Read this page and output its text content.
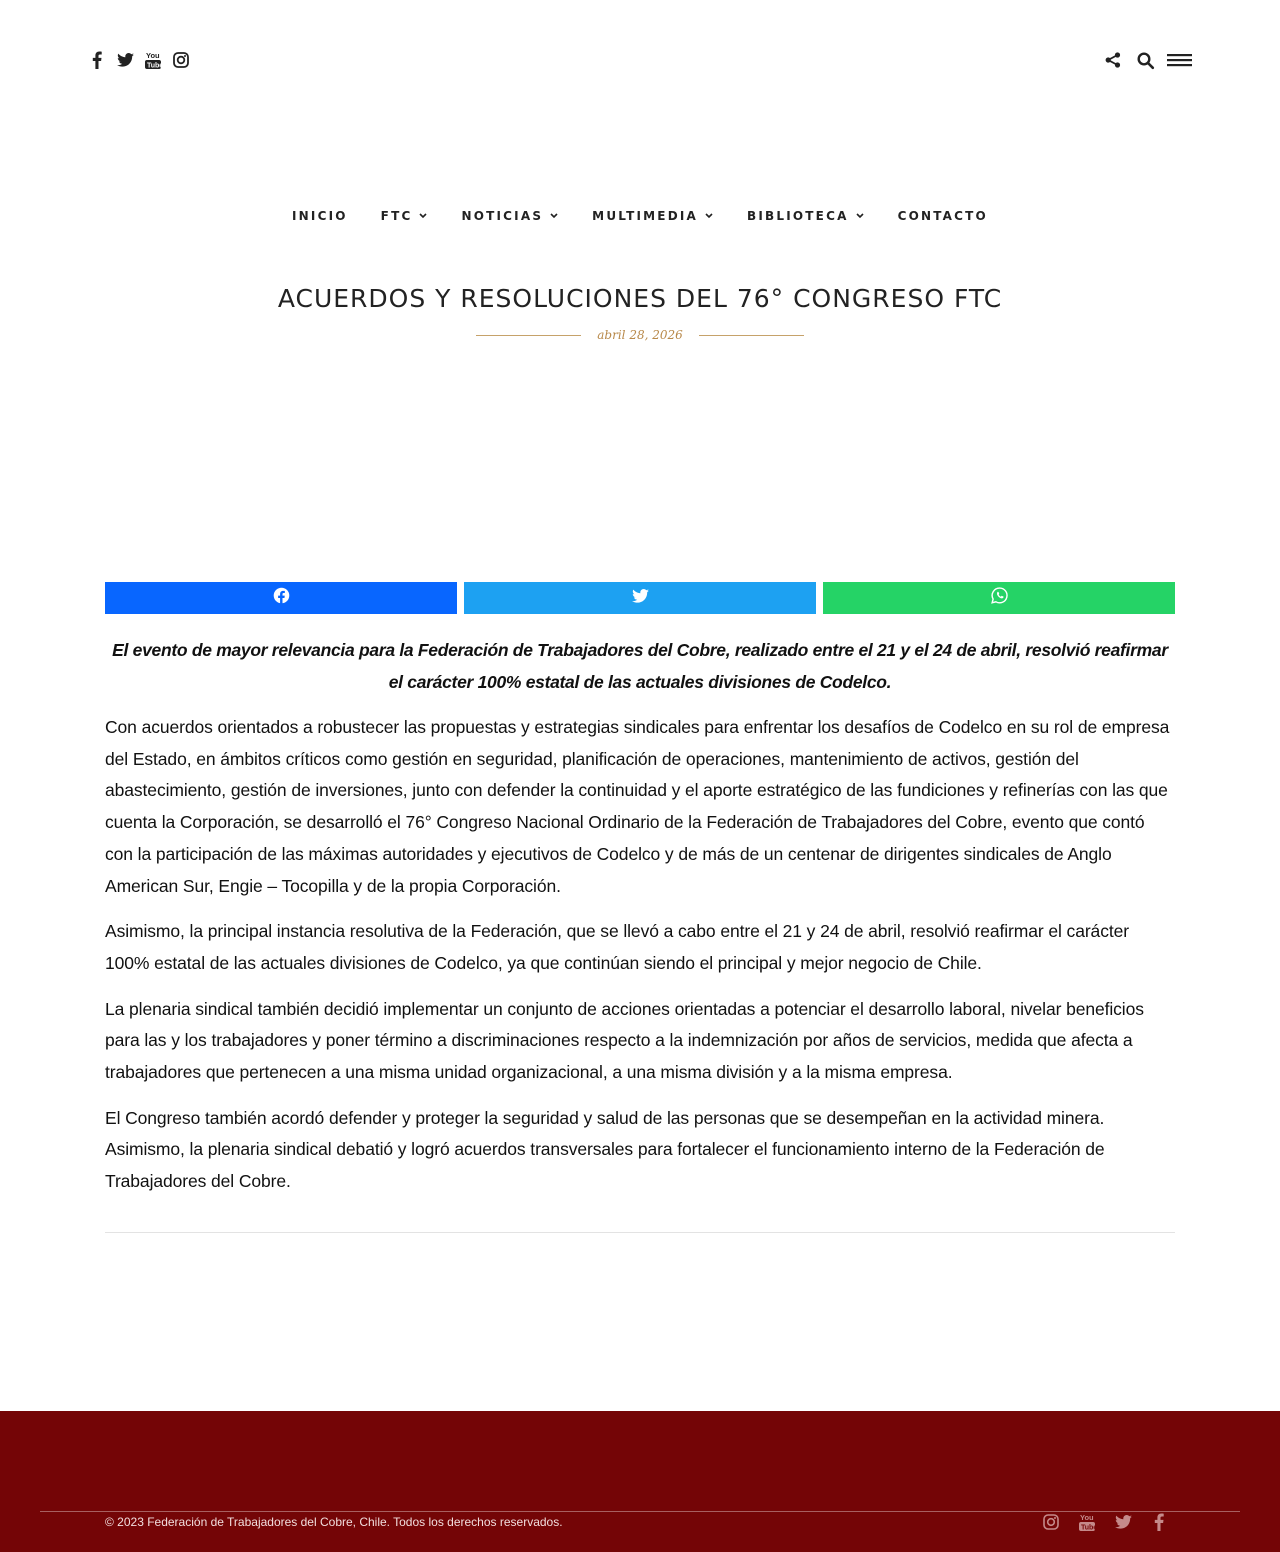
You
Tube
INICIO	FTC	NOTICIAS	MULTIMEDIA	BIBLIOTECA	CONTACTO
ACUERDOS Y RESOLUCIONES DEL 76° CONGRESO FTC
abril 28, 2026

El evento de mayor relevancia para la Federación de Trabajadores del Cobre, realizado entre el 21 y el 24 de abril, resolvió reafirmar el carácter 100% estatal de las actuales divisiones de Codelco.

Con acuerdos orientados a robustecer las propuestas y estrategias sindicales para enfrentar los desafíos de Codelco en su rol de empresa del Estado, en ámbitos críticos como gestión en seguridad, planificación de operaciones, mantenimiento de activos, gestión del abastecimiento, gestión de inversiones, junto con defender la continuidad y el aporte estratégico de las fundiciones y refinerías con las que cuenta la Corporación, se desarrolló el 76° Congreso Nacional Ordinario de la Federación de Trabajadores del Cobre, evento que contó con la participación de las máximas autoridades y ejecutivos de Codelco y de más de un centenar de dirigentes sindicales de Anglo American Sur, Engie – Tocopilla y de la propia Corporación.

Asimismo, la principal instancia resolutiva de la Federación, que se llevó a cabo entre el 21 y 24 de abril, resolvió reafirmar el carácter 100% estatal de las actuales divisiones de Codelco, ya que continúan siendo el principal y mejor negocio de Chile.

La plenaria sindical también decidió implementar un conjunto de acciones orientadas a potenciar el desarrollo laboral, nivelar beneficios para las y los trabajadores y poner término a discriminaciones respecto a la indemnización por años de servicios, medida que afecta a trabajadores que pertenecen a una misma unidad organizacional, a una misma división y a la misma empresa.

El Congreso también acordó defender y proteger la seguridad y salud de las personas que se desempeñan en la actividad minera. Asimismo, la plenaria sindical debatió y logró acuerdos transversales para fortalecer el funcionamiento interno de la Federación de Trabajadores del Cobre.

© 2023 Federación de Trabajadores del Cobre, Chile. Todos los derechos reservados.	You
Tube
